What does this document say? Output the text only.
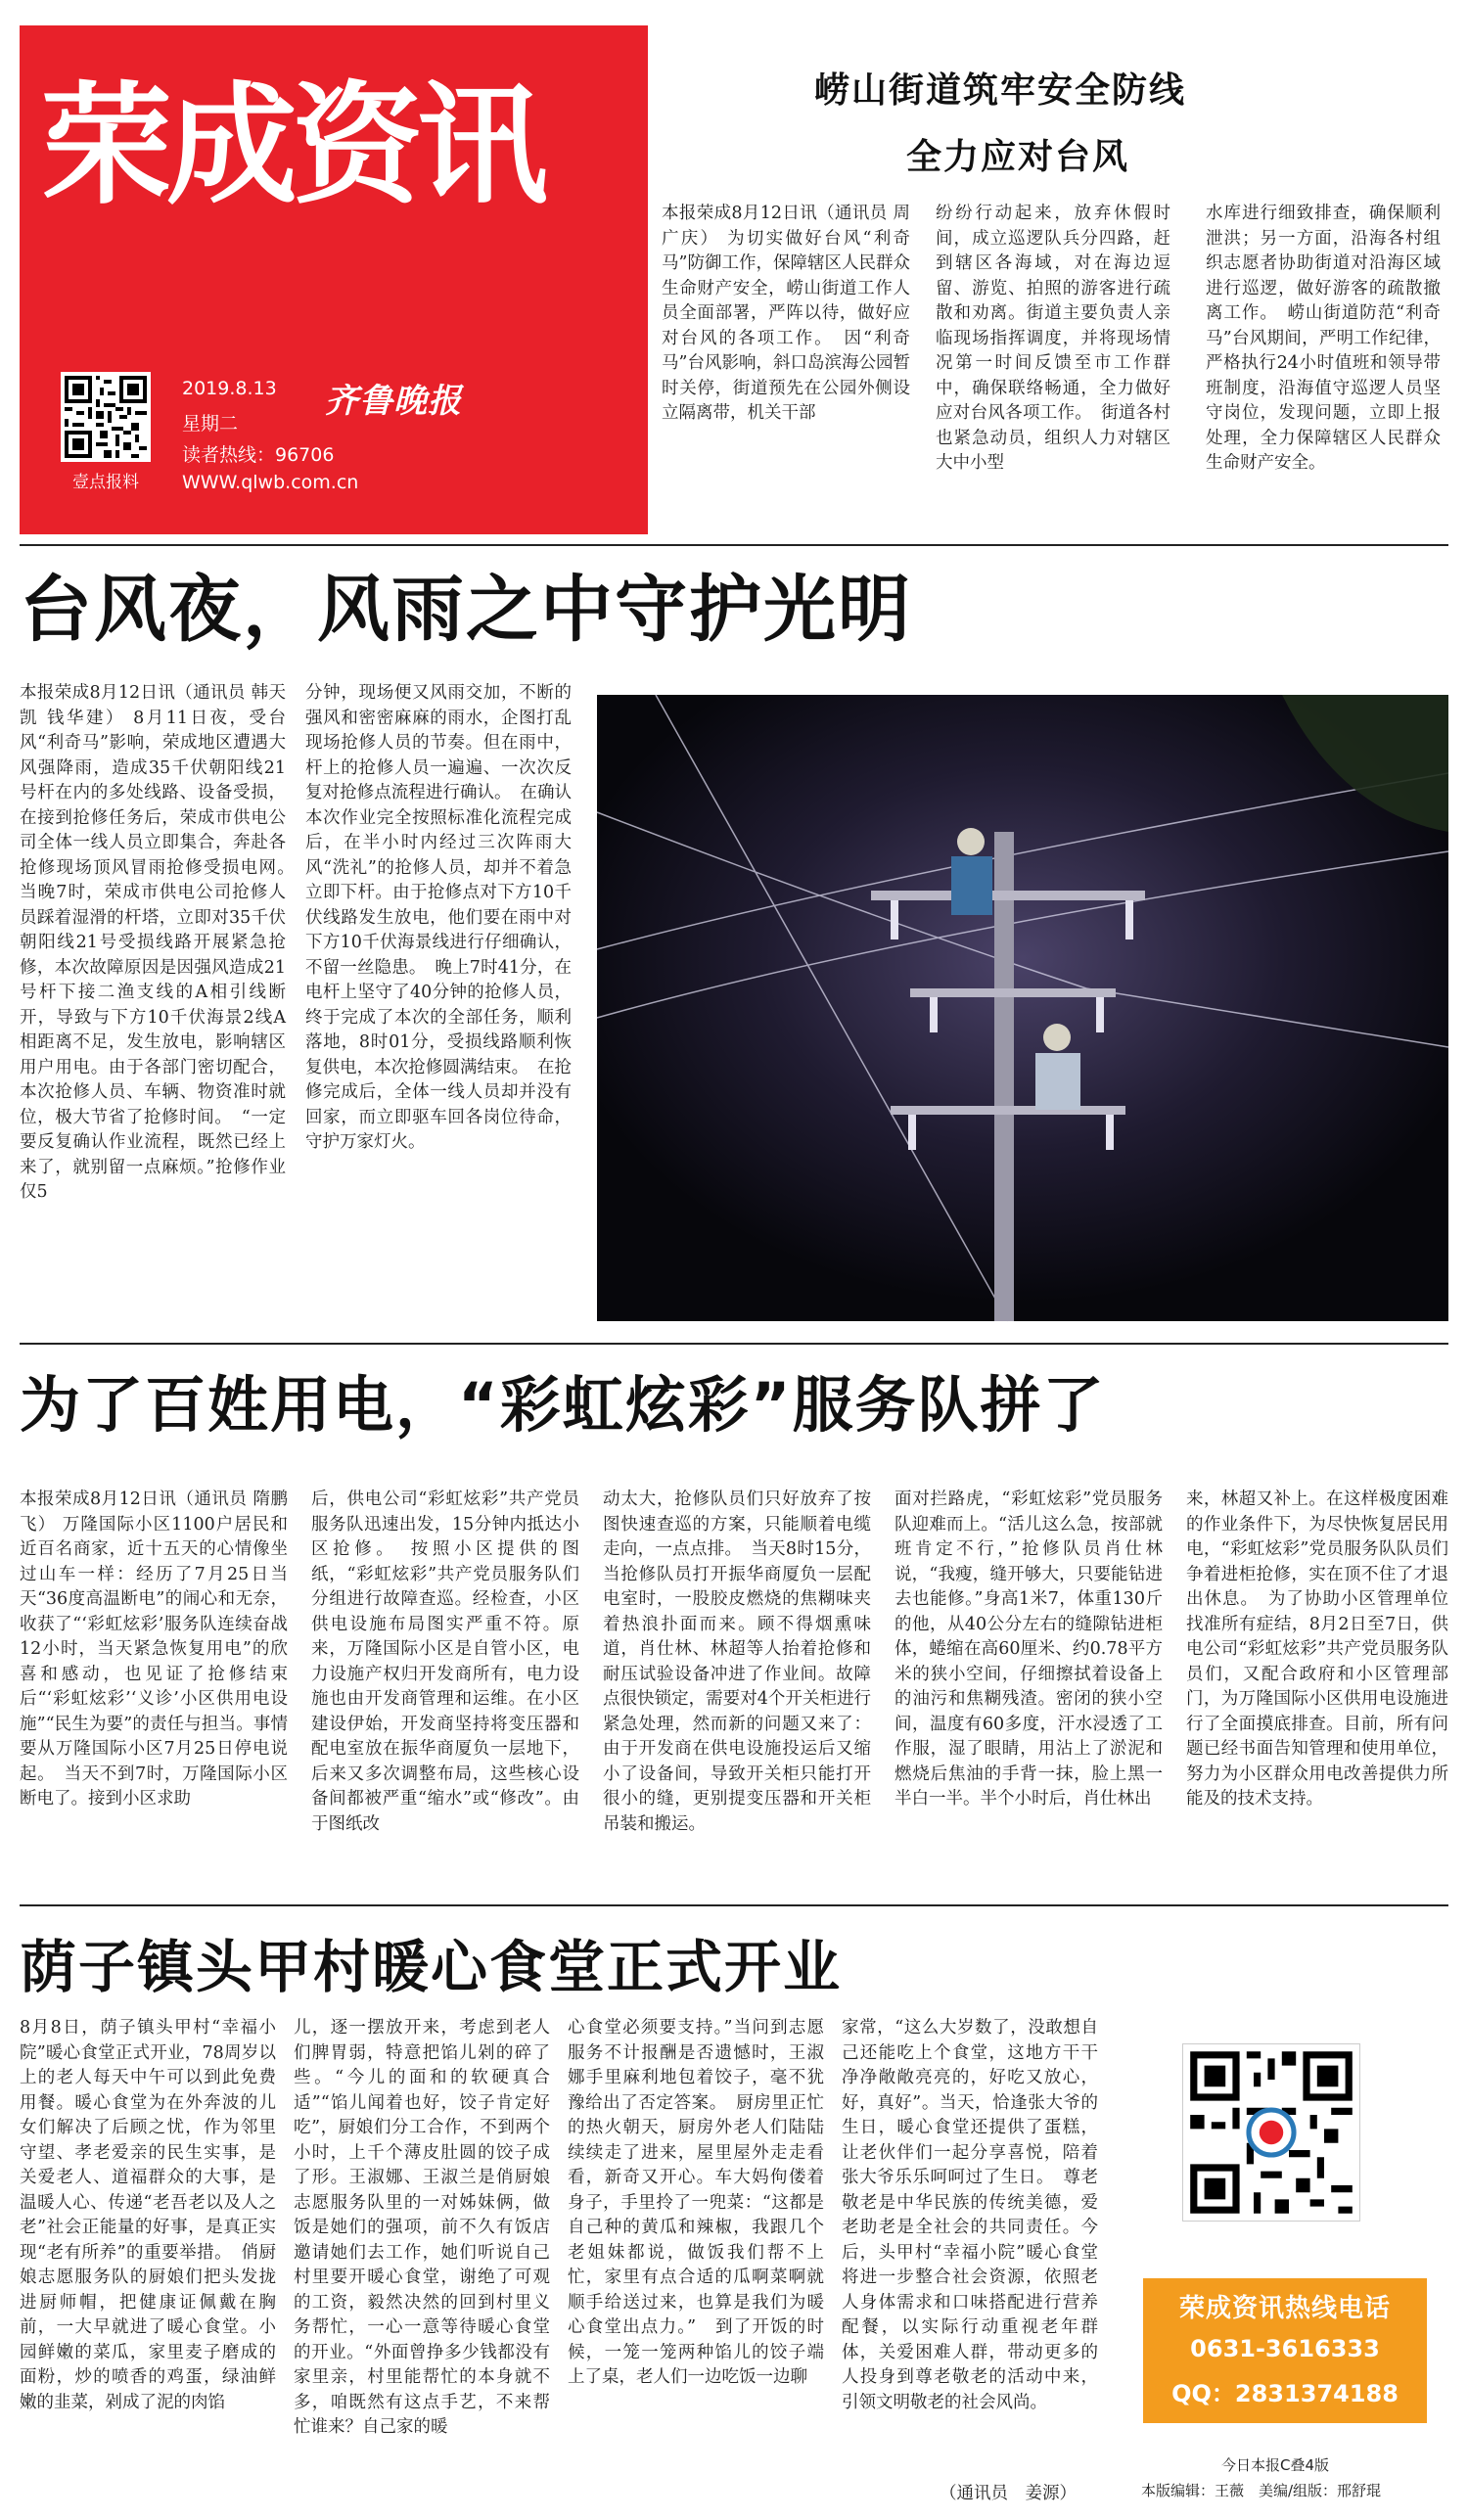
荣成资讯
壹点报料
2019.8.13 齐鲁晚报
星期二
读者热线：96706
WWW.qlwb.com.cn
崂山街道筑牢安全防线
全力应对台风

本报荣成8月12日讯（通讯员 周广庆） 为切实做好台风“利奇马”防御工作，保障辖区人民群众生命财产安全，崂山街道工作人员全面部署，严阵以待，做好应对台风的各项工作。　因“利奇马”台风影响，斜口岛滨海公园暂时关停，街道预先在公园外侧设立隔离带，机关干部

纷纷行动起来，放弃休假时间，成立巡逻队兵分四路，赶到辖区各海域，对在海边逗留、游览、拍照的游客进行疏散和劝离。街道主要负责人亲临现场指挥调度，并将现场情况第一时间反馈至市工作群中，确保联络畅通，全力做好应对台风各项工作。　街道各村也紧急动员，组织人力对辖区大中小型

水库进行细致排查，确保顺利泄洪；另一方面，沿海各村组织志愿者协助街道对沿海区域进行巡逻，做好游客的疏散撤离工作。　崂山街道防范“利奇马”台风期间，严明工作纪律，严格执行24小时值班和领导带班制度，沿海值守巡逻人员坚守岗位，发现问题，立即上报处理，全力保障辖区人民群众生命财产安全。

台风夜，风雨之中守护光明

本报荣成8月12日讯（通讯员 韩天凯 钱华建） 8月11日夜，受台风“利奇马”影响，荣成地区遭遇大风强降雨，造成35千伏朝阳线21号杆在内的多处线路、设备受损，在接到抢修任务后，荣成市供电公司全体一线人员立即集合，奔赴各抢修现场顶风冒雨抢修受损电网。　当晚7时，荣成市供电公司抢修人员踩着湿滑的杆塔，立即对35千伏朝阳线21号受损线路开展紧急抢修，本次故障原因是因强风造成21号杆下接二渔支线的A相引线断开，导致与下方10千伏海景2线A相距离不足，发生放电，影响辖区用户用电。由于各部门密切配合，本次抢修人员、车辆、物资准时就位，极大节省了抢修时间。　“一定要反复确认作业流程，既然已经上来了，就别留一点麻烦。”抢修作业仅5

分钟，现场便又风雨交加，不断的强风和密密麻麻的雨水，企图打乱现场抢修人员的节奏。但在雨中，杆上的抢修人员一遍遍、一次次反复对抢修点流程进行确认。　在确认本次作业完全按照标准化流程完成后，在半小时内经过三次阵雨大风“洗礼”的抢修人员，却并不着急立即下杆。由于抢修点对下方10千伏线路发生放电，他们要在雨中对下方10千伏海景线进行仔细确认，不留一丝隐患。　晚上7时41分，在电杆上坚守了40分钟的抢修人员，终于完成了本次的全部任务，顺利落地，8时01分，受损线路顺利恢复供电，本次抢修圆满结束。　在抢修完成后，全体一线人员却并没有回家，而立即驱车回各岗位待命，守护万家灯火。

为了百姓用电，“彩虹炫彩”服务队拼了

本报荣成8月12日讯（通讯员 隋鹏飞） 万隆国际小区1100户居民和近百名商家，近十五天的心情像坐过山车一样：经历了7月25日当天“36度高温断电”的闹心和无奈，收获了“‘彩虹炫彩’服务队连续奋战12小时，当天紧急恢复用电”的欣喜和感动，也见证了抢修结束后“‘彩虹炫彩’‘义诊’小区供用电设施”“民生为要”的责任与担当。事情要从万隆国际小区7月25日停电说起。　当天不到7时，万隆国际小区断电了。接到小区求助

后，供电公司“彩虹炫彩”共产党员服务队迅速出发，15分钟内抵达小区抢修。　按照小区提供的图纸，“彩虹炫彩”共产党员服务队们分组进行故障查巡。经检查，小区供电设施布局图实严重不符。原来，万隆国际小区是自管小区，电力设施产权归开发商所有，电力设施也由开发商管理和运维。在小区建设伊始，开发商坚持将变压器和配电室放在振华商厦负一层地下，后来又多次调整布局，这些核心设备间都被严重“缩水”或“修改”。由于图纸改

动太大，抢修队员们只好放弃了按图快速查巡的方案，只能顺着电缆走向，一点点排。　当天8时15分，当抢修队员打开振华商厦负一层配电室时，一股胶皮燃烧的焦糊味夹着热浪扑面而来。顾不得烟熏味道，肖仕林、林超等人抬着抢修和耐压试验设备冲进了作业间。故障点很快锁定，需要对4个开关柜进行紧急处理，然而新的问题又来了：由于开发商在供电设施投运后又缩小了设备间，导致开关柜只能打开很小的缝，更别提变压器和开关柜吊装和搬运。

面对拦路虎，“彩虹炫彩”党员服务队迎难而上。“活儿这么急，按部就班肯定不行，”抢修队员肖仕林说，“我瘦，缝开够大，只要能钻进去也能修。”身高1米7，体重130斤的他，从40公分左右的缝隙钻进柜体，蜷缩在高60厘米、约0.78平方米的狭小空间，仔细擦拭着设备上的油污和焦糊残渣。密闭的狭小空间，温度有60多度，汗水浸透了工作服，湿了眼睛，用沾上了淤泥和燃烧后焦油的手背一抹，脸上黑一半白一半。半个小时后，肖仕林出

来，林超又补上。在这样极度困难的作业条件下，为尽快恢复居民用电，“彩虹炫彩”党员服务队队员们争着进柜抢修，实在顶不住了才退出休息。　为了协助小区管理单位找准所有症结，8月2日至7日，供电公司“彩虹炫彩”共产党员服务队员们，又配合政府和小区管理部门，为万隆国际小区供用电设施进行了全面摸底排查。目前，所有问题已经书面告知管理和使用单位，努力为小区群众用电改善提供力所能及的技术支持。

荫子镇头甲村暖心食堂正式开业

8月8日，荫子镇头甲村“幸福小院”暖心食堂正式开业，78周岁以上的老人每天中午可以到此免费用餐。暖心食堂为在外奔波的儿女们解决了后顾之忧，作为邻里守望、孝老爱亲的民生实事，是关爱老人、道福群众的大事，是温暖人心、传递“老吾老以及人之老”社会正能量的好事，是真正实现“老有所养”的重要举措。　俏厨娘志愿服务队的厨娘们把头发拢进厨师帽，把健康证佩戴在胸前，一大早就进了暖心食堂。小园鲜嫩的菜瓜，家里麦子磨成的面粉，炒的喷香的鸡蛋，绿油鲜嫩的韭菜，剁成了泥的肉馅

儿，逐一摆放开来，考虑到老人们脾胃弱，特意把馅儿剁的碎了些。“今儿的面和的软硬真合适”“馅儿闻着也好，饺子肯定好吃”，厨娘们分工合作，不到两个小时，上千个薄皮肚圆的饺子成了形。王淑娜、王淑兰是俏厨娘志愿服务队里的一对姊妹俩，做饭是她们的强项，前不久有饭店邀请她们去工作，她们听说自己村里要开暖心食堂，谢绝了可观的工资，毅然决然的回到村里义务帮忙，一心一意等待暖心食堂的开业。“外面曾挣多少钱都没有家里亲，村里能帮忙的本身就不多，咱既然有这点手艺，不来帮忙谁来？自己家的暖

心食堂必须要支持。”当问到志愿服务不计报酬是否遗憾时，王淑娜手里麻利地包着饺子，毫不犹豫给出了否定答案。　厨房里正忙的热火朝天，厨房外老人们陆陆续续走了进来，屋里屋外走走看看，新奇又开心。车大妈佝偻着身子，手里拎了一兜菜：“这都是自己种的黄瓜和辣椒，我跟几个老姐妹都说，做饭我们帮不上忙，家里有点合适的瓜啊菜啊就顺手给送过来，也算是我们为暖心食堂出点力。”　到了开饭的时候，一笼一笼两种馅儿的饺子端上了桌，老人们一边吃饭一边聊

家常，“这么大岁数了，没敢想自己还能吃上个食堂，这地方干干净净敞敞亮亮的，好吃又放心，好，真好”。当天，恰逢张大爷的生日，暖心食堂还提供了蛋糕，让老伙伴们一起分享喜悦，陪着张大爷乐乐呵呵过了生日。　尊老敬老是中华民族的传统美德，爱老助老是全社会的共同责任。今后，头甲村“幸福小院”暖心食堂将进一步整合社会资源，依照老人身体需求和口味搭配进行营养配餐，以实际行动重视老年群体，关爱困难人群，带动更多的人投身到尊老敬老的活动中来，引领文明敬老的社会风尚。

（通讯员　姜源）
荣成资讯热线电话
0631-3616333
QQ：2831374188
今日本报C叠4版
本版编辑：王薇　美编/组版：邢舒琨
